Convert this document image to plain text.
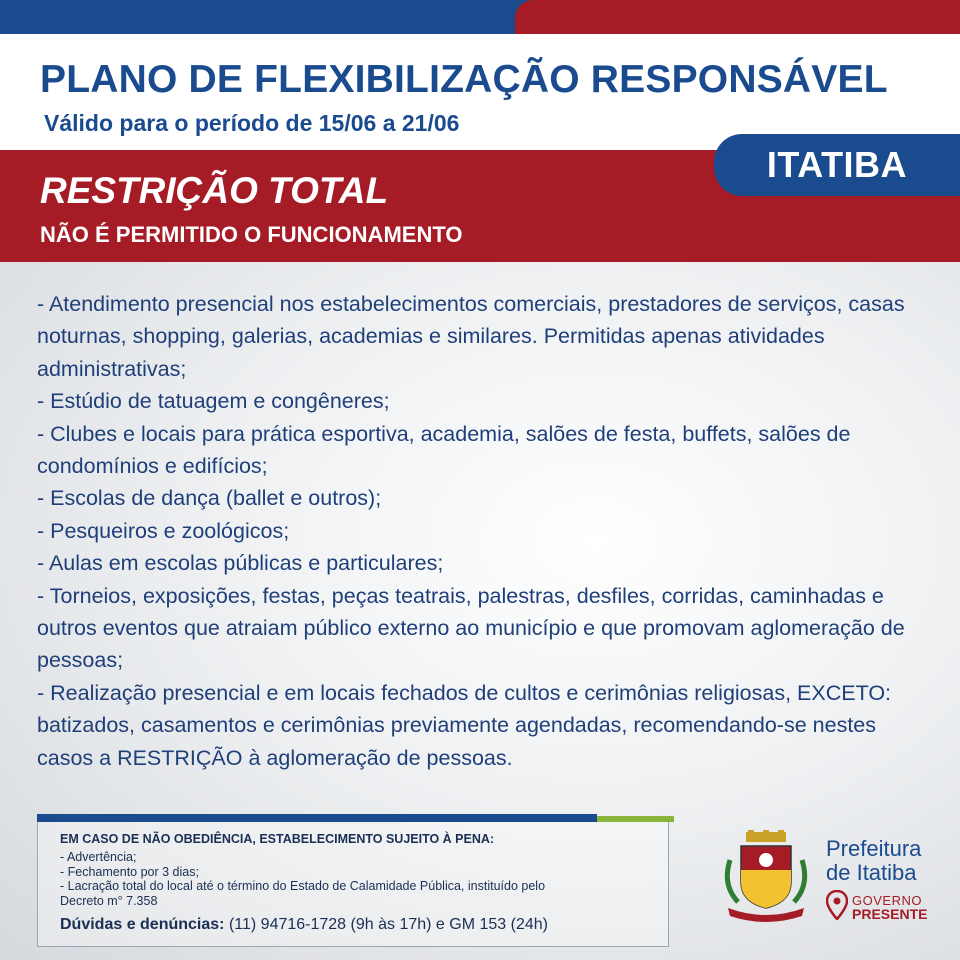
PLANO DE FLEXIBILIZAÇÃO RESPONSÁVEL
Válido para o período de 15/06 a 21/06
ITATIBA
RESTRIÇÃO TOTAL
NÃO É PERMITIDO O FUNCIONAMENTO

- Atendimento presencial nos estabelecimentos comerciais, prestadores de serviços, casas noturnas, shopping, galerias, academias e similares. Permitidas apenas atividades administrativas;

- Estúdio de tatuagem e congêneres;

- Clubes e locais para prática esportiva, academia, salões de festa, buffets, salões de condomínios e edifícios;

- Escolas de dança (ballet e outros);

- Pesqueiros e zoológicos;

- Aulas em escolas públicas e particulares;

- Torneios, exposições, festas, peças teatrais, palestras, desfiles, corridas, caminhadas e outros eventos que atraiam público externo ao município e que promovam aglomeração de pessoas;

- Realização presencial e em locais fechados de cultos e cerimônias religiosas, EXCETO: batizados, casamentos e cerimônias previamente agendadas, recomendando-se nestes casos a RESTRIÇÃO à aglomeração de pessoas.

EM CASO DE NÃO OBEDIÊNCIA, ESTABELECIMENTO SUJEITO À PENA:
- Advertência;
- Fechamento por 3 dias;
- Lacração total do local até o término do Estado de Calamidade Pública, instituído pelo
Decreto m° 7.358
Dúvidas e denúncias: (11) 94716-1728 (9h às 17h) e GM 153 (24h)
Prefeitura
de Itatiba
GOVERNO
PRESENTE
